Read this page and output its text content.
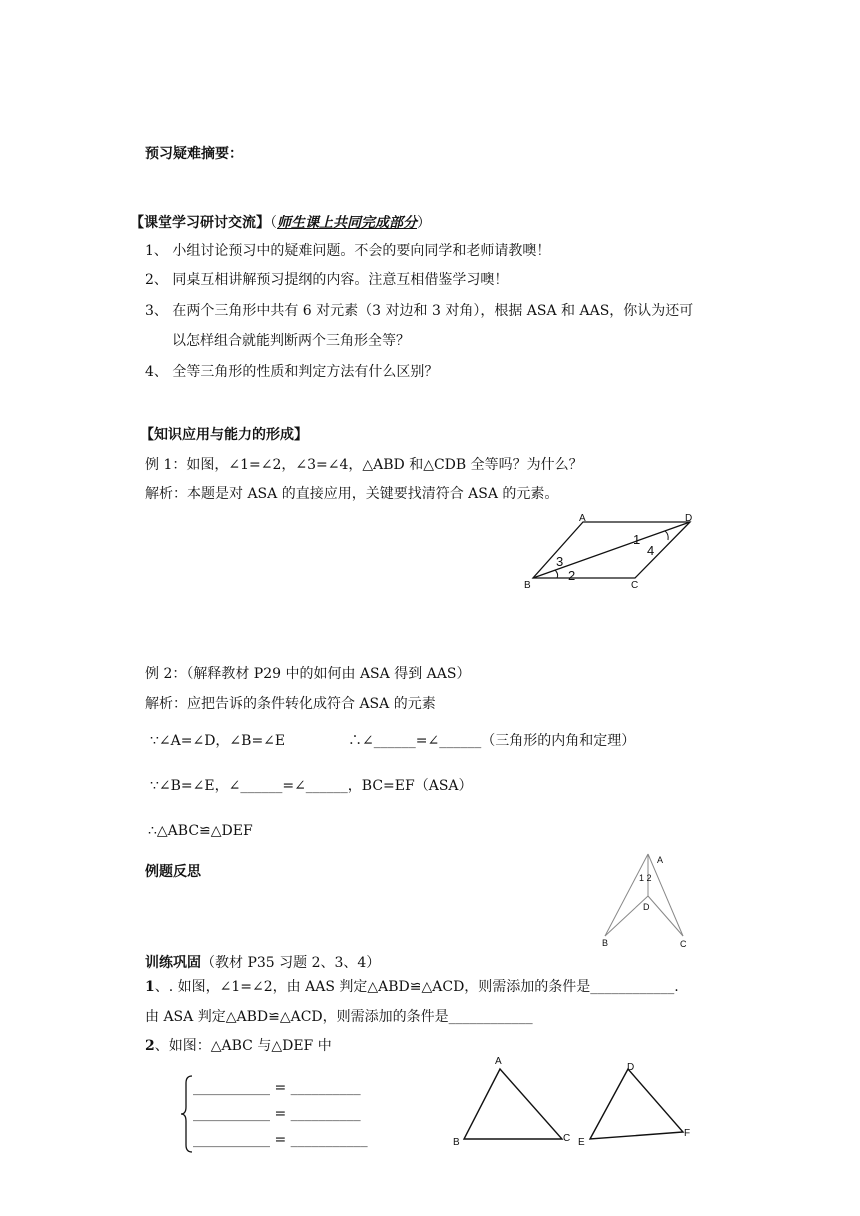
预习疑难摘要：
【课堂学习研讨交流】（师生课上共同完成部分）
1、 小组讨论预习中的疑难问题。不会的要向同学和老师请教噢！
2、 同桌互相讲解预习提纲的内容。注意互相借鉴学习噢！
3、 在两个三角形中共有 6 对元素（3 对边和 3 对角），根据 ASA 和 AAS，你认为还可
以怎样组合就能判断两个三角形全等？
4、 全等三角形的性质和判定方法有什么区别？
【知识应用与能力的形成】
例 1：如图，∠1=∠2，∠3=∠4，△ABD 和△CDB 全等吗？为什么？
解析：本题是对 ASA 的直接应用，关键要找清符合 ASA 的元素。
A	D
B	C
1
2
3
4
例 2：（解释教材 P29 中的如何由 ASA 得到 AAS）
解析：应把告诉的条件转化成符合 ASA 的元素
∵∠A=∠D，∠B=∠E	∴∠______=∠______（三角形的内角和定理）
∵∠B=∠E，∠______=∠______，BC=EF（ASA）
∴△ABC≌△DEF
例题反思
A
1 2
D
B	C
训练巩固（教材 P35 习题 2、3、4）
1、. 如图，∠1=∠2，由 AAS 判定△ABD≌△ACD，则需添加的条件是____________.
由 ASA 判定△ABD≌△ACD，则需添加的条件是____________
2、如图：△ABC 与△DEF 中
___________ = __________
___________ = __________
___________ = ___________
A
B	C
D
E
F
